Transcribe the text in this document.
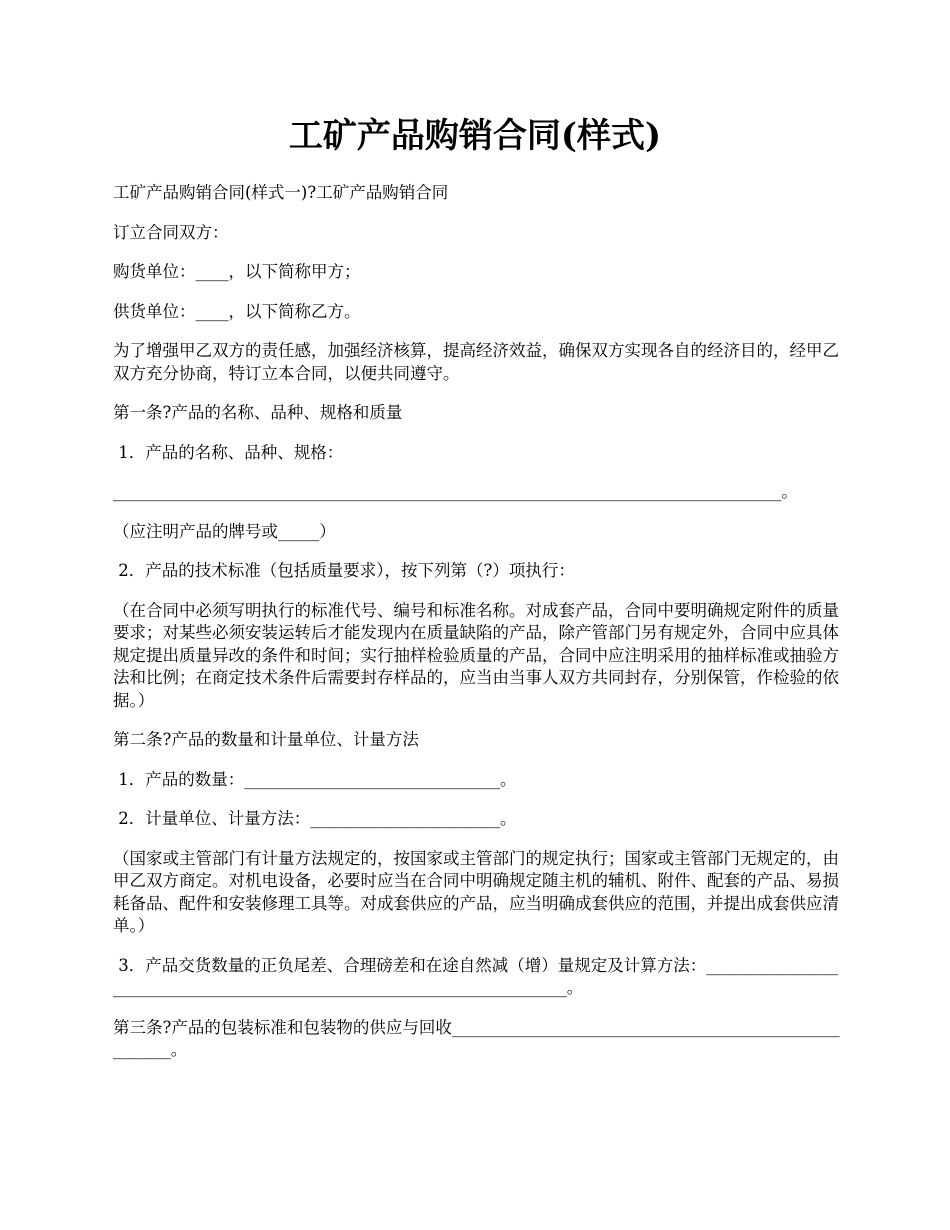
工矿产品购销合同(样式)

工矿产品购销合同(样式一)?工矿产品购销合同

订立合同双方：

购货单位：____，以下简称甲方；

供货单位：____，以下简称乙方。

为了增强甲乙双方的责任感，加强经济核算，提高经济效益，确保双方实现各自的经济目的，经甲乙双方充分协商，特订立本合同，以便共同遵守。

第一条?产品的名称、品种、规格和质量

1．产品的名称、品种、规格：

_________________________________________________________________________________。

（应注明产品的牌号或_____）

2．产品的技术标准（包括质量要求），按下列第（?）项执行：

（在合同中必须写明执行的标准代号、编号和标准名称。对成套产品，合同中要明确规定附件的质量要求；对某些必须安装运转后才能发现内在质量缺陷的产品，除产管部门另有规定外，合同中应具体规定提出质量异改的条件和时间；实行抽样检验质量的产品，合同中应注明采用的抽样标准或抽验方法和比例；在商定技术条件后需要封存样品的，应当由当事人双方共同封存，分别保管，作检验的依据。）

第二条?产品的数量和计量单位、计量方法

1．产品的数量：_______________________________。

2．计量单位、计量方法：_______________________。

（国家或主管部门有计量方法规定的，按国家或主管部门的规定执行；国家或主管部门无规定的，由甲乙双方商定。对机电设备，必要时应当在合同中明确规定随主机的辅机、附件、配套的产品、易损耗备品、配件和安装修理工具等。对成套供应的产品，应当明确成套供应的范围，并提出成套供应清单。）

3．产品交货数量的正负尾差、合理磅差和在途自然减（增）量规定及计算方法：_______________________________________________________________________。

第三条?产品的包装标准和包装物的供应与回收______________________________________________________。
